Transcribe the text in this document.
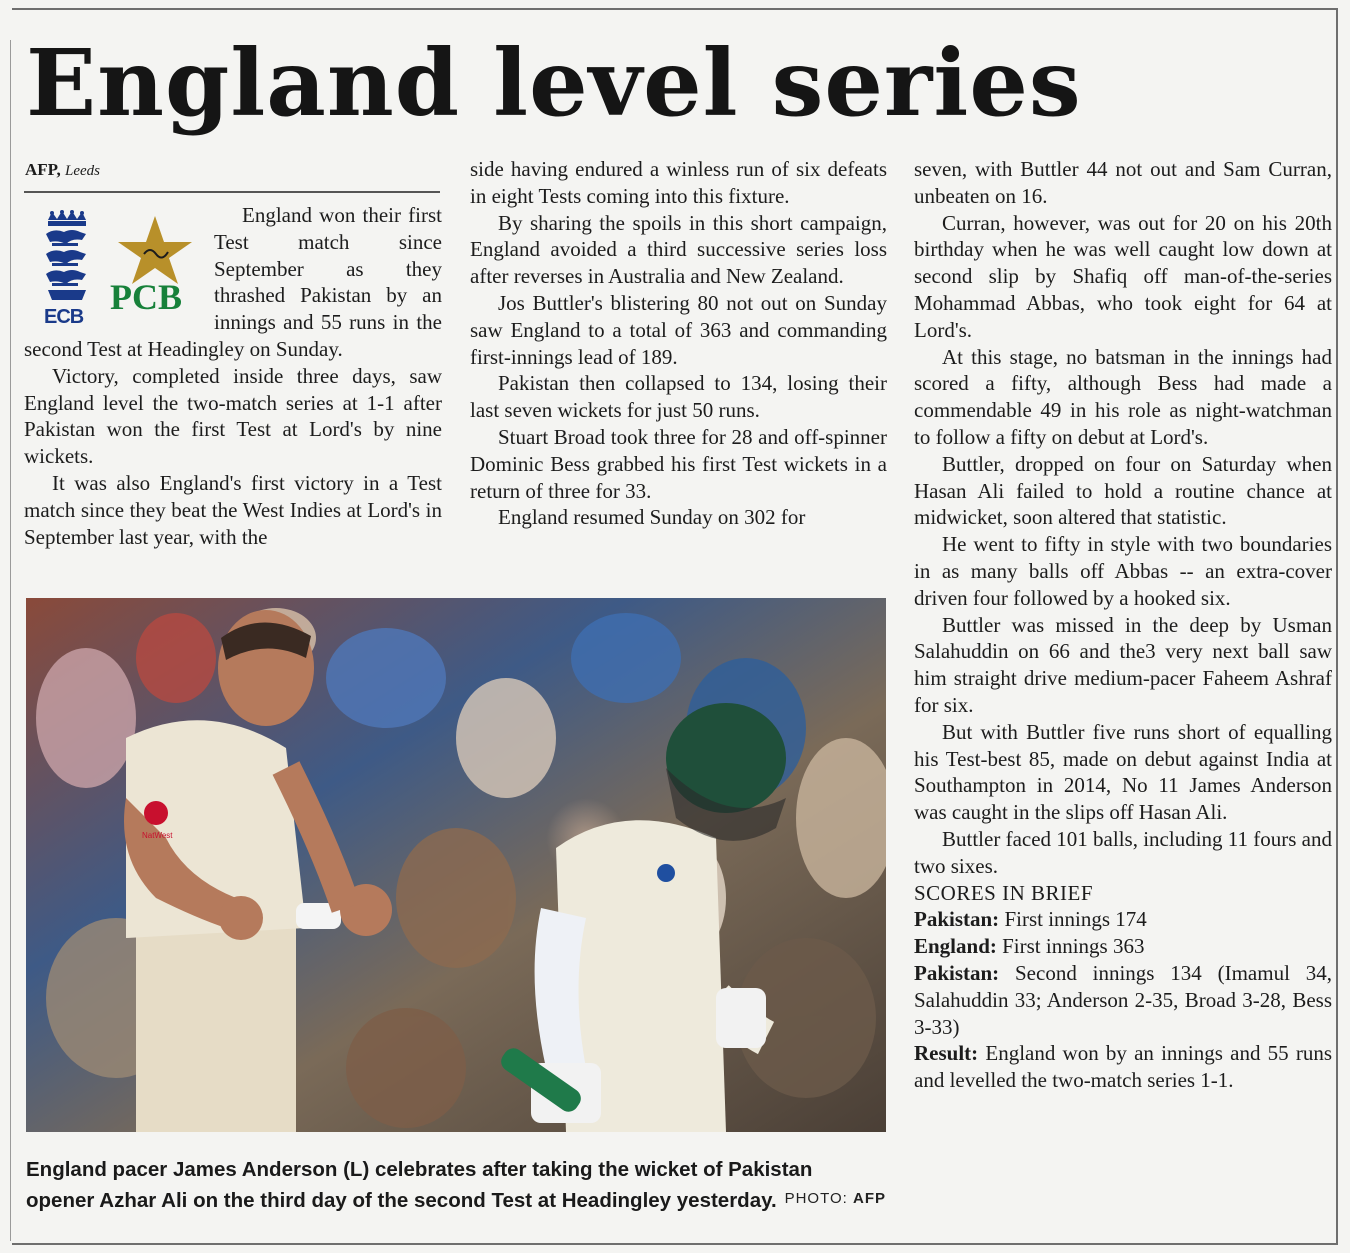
England level series
AFP, Leeds
ECB PCB

England won their first Test match since September as they thrashed Pakistan by an innings and 55 runs in the second Test at Headingley on Sunday.

Victory, completed inside three days, saw England level the two-match series at 1-1 after Pakistan won the first Test at Lord's by nine wickets.

It was also England's first victory in a Test match since they beat the West Indies at Lord's in September last year, with the

side having endured a winless run of six defeats in eight Tests coming into this fixture.

By sharing the spoils in this short campaign, England avoided a third successive series loss after reverses in Australia and New Zealand.

Jos Buttler's blistering 80 not out on Sunday saw England to a total of 363 and commanding first-innings lead of 189.

Pakistan then collapsed to 134, losing their last seven wickets for just 50 runs.

Stuart Broad took three for 28 and off-spinner Dominic Bess grabbed his first Test wickets in a return of three for 33.

England resumed Sunday on 302 for

seven, with Buttler 44 not out and Sam Curran, unbeaten on 16.

Curran, however, was out for 20 on his 20th birthday when he was well caught low down at second slip by Shafiq off man-of-the-series Mohammad Abbas, who took eight for 64 at Lord's.

At this stage, no batsman in the innings had scored a fifty, although Bess had made a commendable 49 in his role as night-watchman to follow a fifty on debut at Lord's.

Buttler, dropped on four on Saturday when Hasan Ali failed to hold a routine chance at midwicket, soon altered that statistic.

He went to fifty in style with two boundaries in as many balls off Abbas -- an extra-cover driven four followed by a hooked six.

Buttler was missed in the deep by Usman Salahuddin on 66 and the3 very next ball saw him straight drive medium-pacer Faheem Ashraf for six.

But with Buttler five runs short of equalling his Test-best 85, made on debut against India at Southampton in 2014, No 11 James Anderson was caught in the slips off Hasan Ali.

Buttler faced 101 balls, including 11 fours and two sixes.

SCORES IN BRIEF

Pakistan: First innings 174

England: First innings 363

Pakistan: Second innings 134 (Imamul 34, Salahuddin 33; Anderson 2-35, Broad 3-28, Bess 3-33)

Result: England won by an innings and 55 runs and levelled the two-match series 1-1.

NatWest
England pacer James Anderson (L) celebrates after taking the wicket of Pakistan opener Azhar Ali on the third day of the second Test at Headingley yesterday. PHOTO: AFP
